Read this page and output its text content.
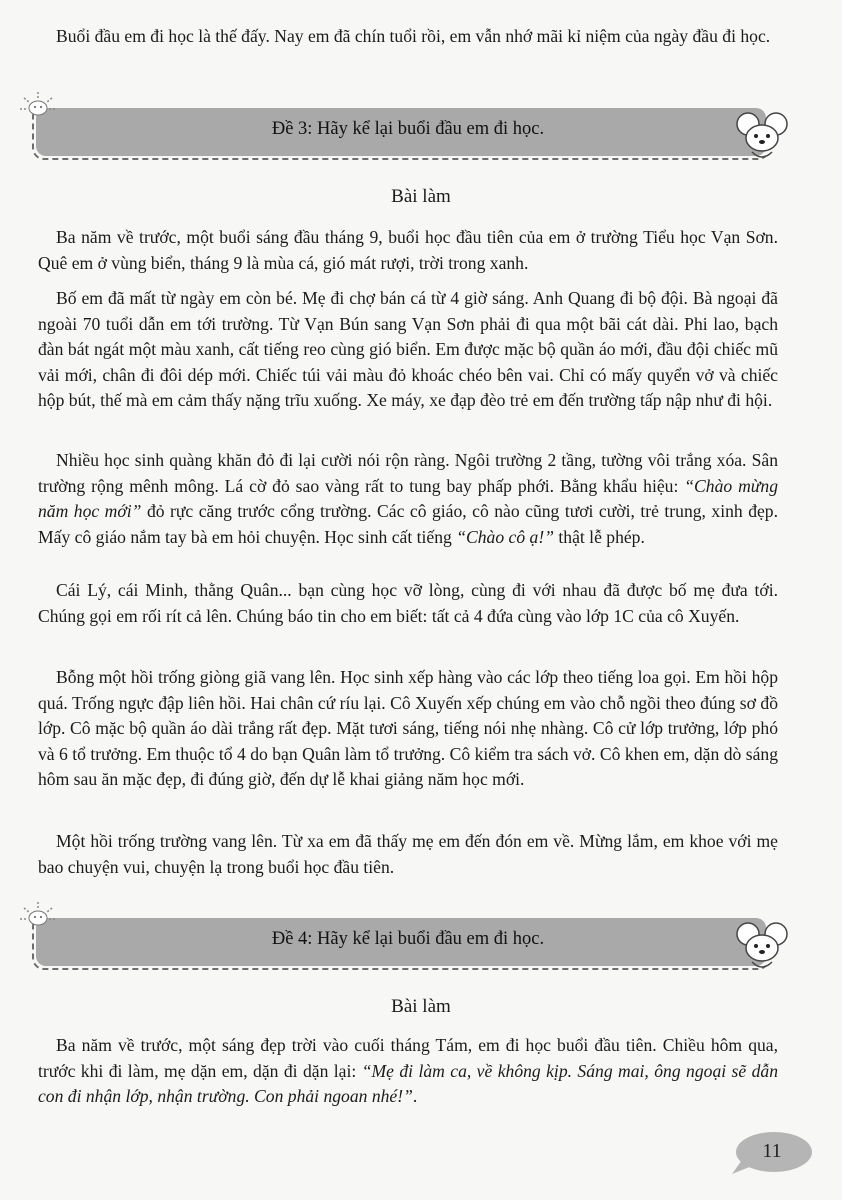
Buổi đầu em đi học là thế đấy. Nay em đã chín tuổi rồi, em vẫn nhớ mãi kỉ niệm của ngày đầu đi học.

Đề 3: Hãy kể lại buổi đầu em đi học.
Bài làm

Ba năm về trước, một buổi sáng đầu tháng 9, buổi học đầu tiên của em ở trường Tiểu học Vạn Sơn. Quê em ở vùng biển, tháng 9 là mùa cá, gió mát rượi, trời trong xanh.

Bố em đã mất từ ngày em còn bé. Mẹ đi chợ bán cá từ 4 giờ sáng. Anh Quang đi bộ đội. Bà ngoại đã ngoài 70 tuổi dẫn em tới trường. Từ Vạn Bún sang Vạn Sơn phải đi qua một bãi cát dài. Phi lao, bạch đàn bát ngát một màu xanh, cất tiếng reo cùng gió biển. Em được mặc bộ quần áo mới, đầu đội chiếc mũ vải mới, chân đi đôi dép mới. Chiếc túi vải màu đỏ khoác chéo bên vai. Chỉ có mấy quyển vở và chiếc hộp bút, thế mà em cảm thấy nặng trĩu xuống. Xe máy, xe đạp đèo trẻ em đến trường tấp nập như đi hội.

Nhiều học sinh quàng khăn đỏ đi lại cười nói rộn ràng. Ngôi trường 2 tầng, tường vôi trắng xóa. Sân trường rộng mênh mông. Lá cờ đỏ sao vàng rất to tung bay phấp phới. Bằng khẩu hiệu: “Chào mừng năm học mới” đỏ rực căng trước cổng trường. Các cô giáo, cô nào cũng tươi cười, trẻ trung, xinh đẹp. Mấy cô giáo nắm tay bà em hỏi chuyện. Học sinh cất tiếng “Chào cô ạ!” thật lễ phép.

Cái Lý, cái Minh, thằng Quân... bạn cùng học vỡ lòng, cùng đi với nhau đã được bố mẹ đưa tới. Chúng gọi em rối rít cả lên. Chúng báo tin cho em biết: tất cả 4 đứa cùng vào lớp 1C của cô Xuyến.

Bỗng một hồi trống giòng giã vang lên. Học sinh xếp hàng vào các lớp theo tiếng loa gọi. Em hồi hộp quá. Trống ngực đập liên hồi. Hai chân cứ ríu lại. Cô Xuyến xếp chúng em vào chỗ ngồi theo đúng sơ đồ lớp. Cô mặc bộ quần áo dài trắng rất đẹp. Mặt tươi sáng, tiếng nói nhẹ nhàng. Cô cử lớp trưởng, lớp phó và 6 tổ trưởng. Em thuộc tổ 4 do bạn Quân làm tổ trưởng. Cô kiểm tra sách vở. Cô khen em, dặn dò sáng hôm sau ăn mặc đẹp, đi đúng giờ, đến dự lễ khai giảng năm học mới.

Một hồi trống trường vang lên. Từ xa em đã thấy mẹ em đến đón em về. Mừng lắm, em khoe với mẹ bao chuyện vui, chuyện lạ trong buổi học đầu tiên.

Đề 4: Hãy kể lại buổi đầu em đi học.
Bài làm

Ba năm về trước, một sáng đẹp trời vào cuối tháng Tám, em đi học buổi đầu tiên. Chiều hôm qua, trước khi đi làm, mẹ dặn em, dặn đi dặn lại: “Mẹ đi làm ca, về không kịp. Sáng mai, ông ngoại sẽ dẫn con đi nhận lớp, nhận trường. Con phải ngoan nhé!”.

11
